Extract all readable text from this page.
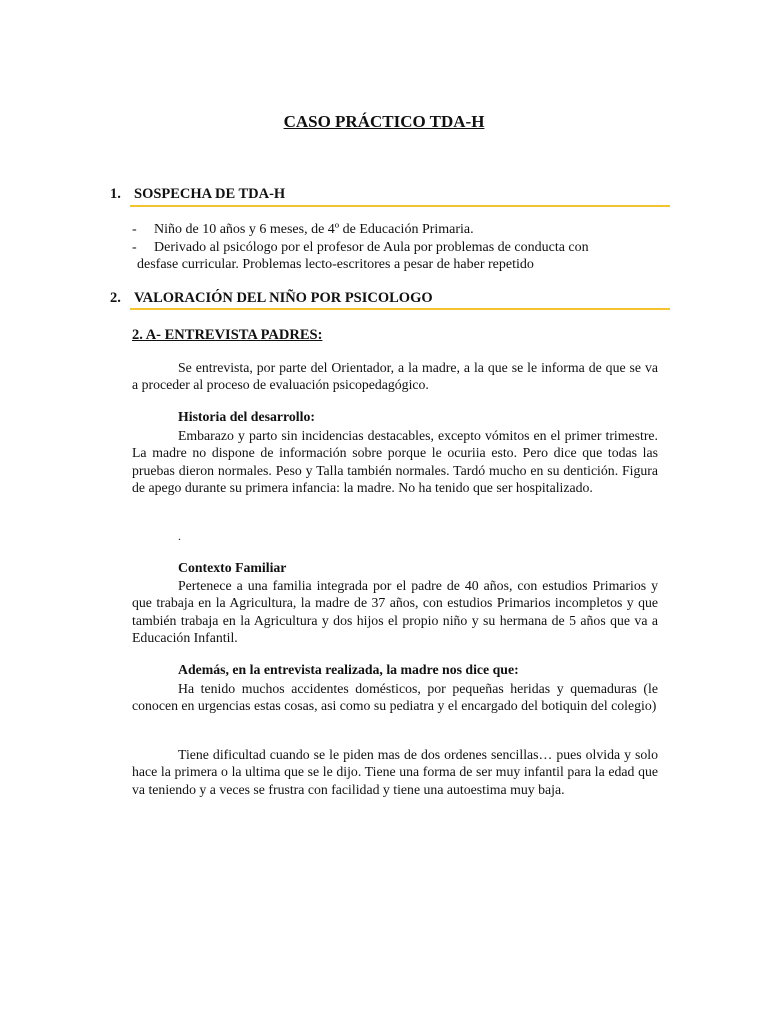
CASO PRÁCTICO TDA-H
1. SOSPECHA DE TDA-H
- Niño de 10 años y 6 meses, de 4º de Educación Primaria.
- Derivado al psicólogo por el profesor de Aula por problemas de conducta con
desfase curricular. Problemas lecto-escritores a pesar de haber repetido
2. VALORACIÓN DEL NIÑO POR PSICOLOGO
2. A- ENTREVISTA PADRES:
Se entrevista, por parte del Orientador, a la madre, a la que se le informa de que se va a proceder al proceso de evaluación psicopedagógico.
Historia del desarrollo:
Embarazo y parto sin incidencias destacables, excepto vómitos en el primer trimestre. La madre no dispone de información sobre porque le ocuriia esto. Pero dice que todas las pruebas dieron normales. Peso y Talla también normales. Tardó mucho en su dentición. Figura de apego durante su primera infancia: la madre. No ha tenido que ser hospitalizado.
.
Contexto Familiar
Pertenece a una familia integrada por el padre de 40 años, con estudios Primarios y que trabaja en la Agricultura, la madre de 37 años, con estudios Primarios incompletos y que también trabaja en la Agricultura y dos hijos el propio niño y su hermana de 5 años que va a Educación Infantil.
Además, en la entrevista realizada, la madre nos dice que:
Ha tenido muchos accidentes domésticos, por pequeñas heridas y quemaduras (le conocen en urgencias estas cosas, asi como su pediatra y el encargado del botiquin del colegio)
Tiene dificultad cuando se le piden mas de dos ordenes sencillas… pues olvida y solo hace la primera o la ultima que se le dijo. Tiene una forma de ser muy infantil para la edad que va teniendo y a veces se frustra con facilidad y tiene una autoestima muy baja.
